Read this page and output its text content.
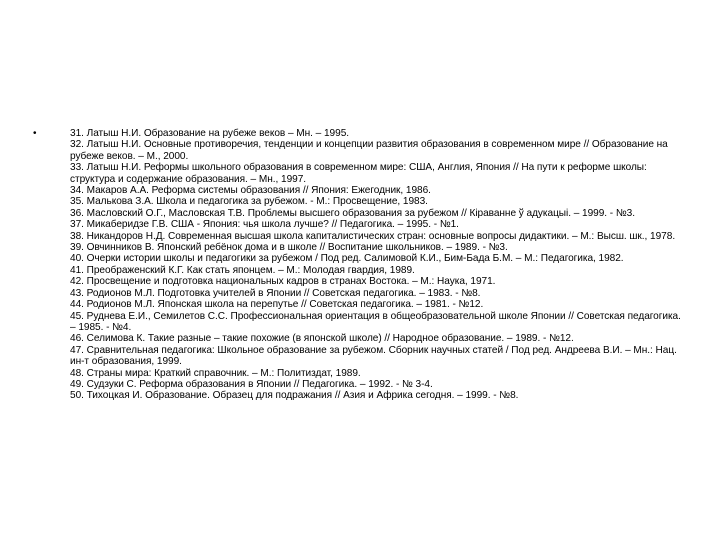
•	31. Латыш Н.И. Образование на рубеже веков – Мн. – 1995.
32. Латыш Н.И. Основные противоречия, тенденции и концепции развития образования в современном мире // Образование на рубеже веков. – М., 2000.
33. Латыш Н.И. Реформы школьного образования в современном мире: США, Англия, Япония // На пути к реформе школы: структура и содержание образования. – Мн., 1997.
34. Макаров А.А. Реформа системы образования // Япония: Ежегодник, 1986.
35. Малькова З.А. Школа и педагогика за рубежом. - М.: Просвещение, 1983.
36. Масловский О.Г., Масловская Т.В. Проблемы высшего образования за рубежом // Кіраванне ў адукацыі. – 1999. - №3.
37. Микаберидзе Г.В. США - Япония: чья школа лучше? // Педагогика. – 1995. - №1.
38. Никандоров Н.Д. Современная высшая школа капиталистических стран: основные вопросы дидактики. – М.: Высш. шк., 1978.
39. Овчинников В. Японский ребёнок дома и в школе // Воспитание школьников. – 1989. - №3.
40. Очерки истории школы и педагогики за рубежом / Под ред. Салимовой К.И., Бим-Бада Б.М. – М.: Педагогика, 1982.
41. Преображенский К.Г. Как стать японцем. – М.: Молодая гвардия, 1989.
42. Просвещение и подготовка национальных кадров в странах Востока. – М.: Наука, 1971.
43. Родионов М.Л. Подготовка учителей в Японии // Советская педагогика. – 1983. - №8.
44. Родионов М.Л. Японская школа на перепутье // Советская педагогика. – 1981. - №12.
45. Руднева Е.И., Семилетов С.С. Профессиональная ориентация в общеобразовательной школе Японии // Советская педагогика. – 1985. - №4.
46. Селимова К. Такие разные – такие похожие (в японской школе) // Народное образование. – 1989. - №12.
47. Сравнительная педагогика: Школьное образование за рубежом. Сборник научных статей / Под ред. Андреева В.И. – Мн.: Нац. ин-т образования, 1999.
48. Страны мира: Краткий справочник. – М.: Политиздат, 1989.
49. Судзуки С. Реформа образования в Японии // Педагогика. – 1992. - № 3-4.
50. Тихоцкая И. Образование. Образец для подражания // Азия и Африка сегодня. – 1999. - №8.
